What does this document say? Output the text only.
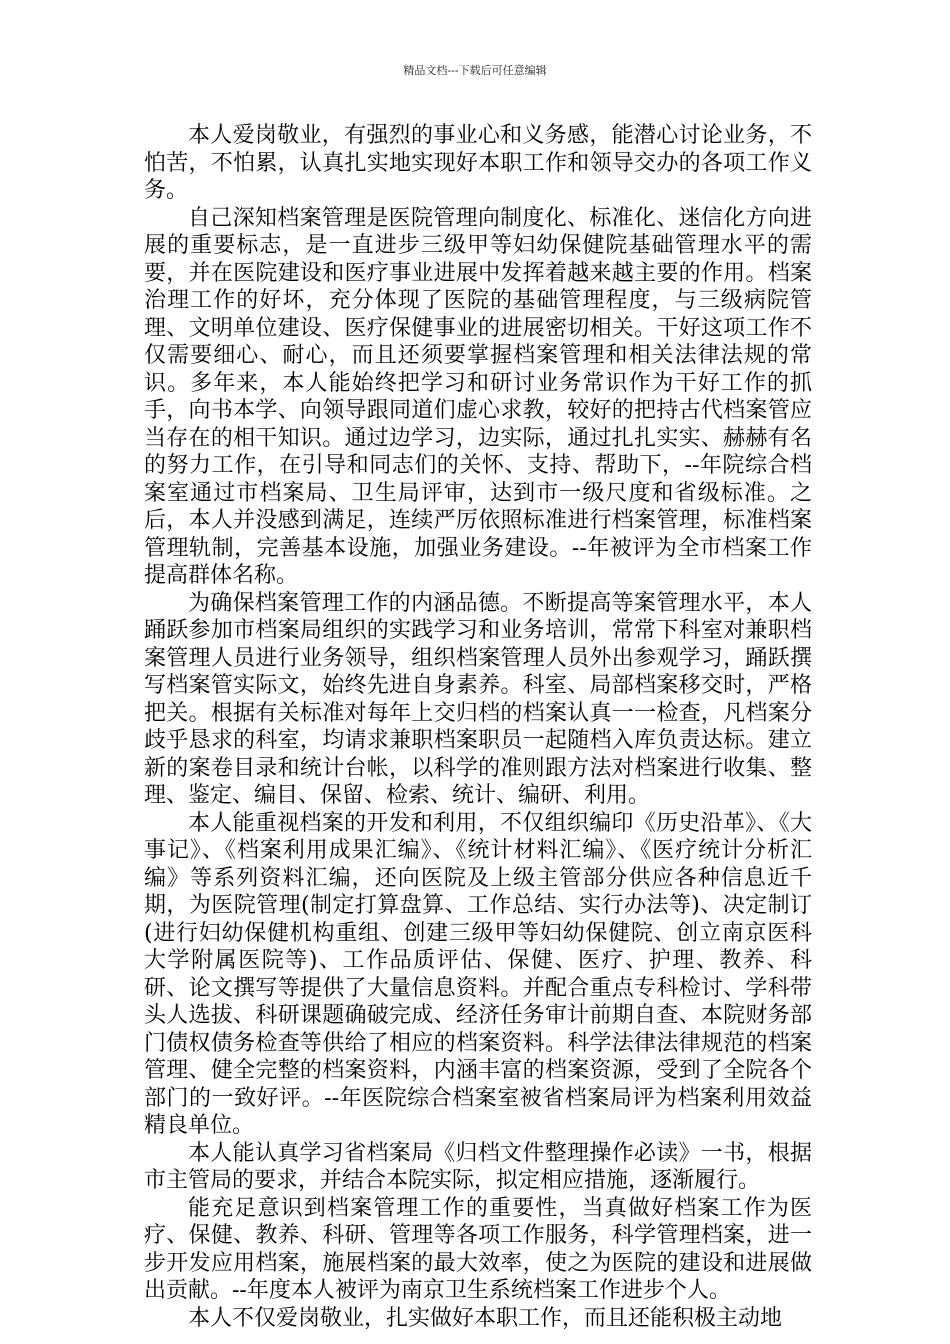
精品文档---下载后可任意编辑

本人爱岗敬业，有强烈的事业心和义务感，能潜心讨论业务，不怕苦，不怕累，认真扎实地实现好本职工作和领导交办的各项工作义务。

自己深知档案管理是医院管理向制度化、标准化、迷信化方向进展的重要标志，是一直进步三级甲等妇幼保健院基础管理水平的需要，并在医院建设和医疗事业进展中发挥着越来越主要的作用。档案治理工作的好坏，充分体现了医院的基础管理程度，与三级病院管理、文明单位建设、医疗保健事业的进展密切相关。干好这项工作不仅需要细心、耐心，而且还须要掌握档案管理和相关法律法规的常识。多年来，本人能始终把学习和研讨业务常识作为干好工作的抓手，向书本学、向领导跟同道们虚心求教，较好的把持古代档案管应当存在的相干知识。通过边学习，边实际，通过扎扎实实、赫赫有名的努力工作，在引导和同志们的关怀、支持、帮助下，--年院综合档案室通过市档案局、卫生局评审，达到市一级尺度和省级标准。之后，本人并没感到满足，连续严厉依照标准进行档案管理，标准档案管理轨制，完善基本设施，加强业务建设。--年被评为全市档案工作提高群体名称。

为确保档案管理工作的内涵品德。不断提高等案管理水平，本人踊跃参加市档案局组织的实践学习和业务培训，常常下科室对兼职档案管理人员进行业务领导，组织档案管理人员外出参观学习，踊跃撰写档案管实际文，始终先进自身素养。科室、局部档案移交时，严格把关。根据有关标准对每年上交归档的档案认真一一检查，凡档案分歧乎恳求的科室，均请求兼职档案职员一起随档入库负责达标。建立新的案卷目录和统计台帐，以科学的准则跟方法对档案进行收集、整理、鉴定、编目、保留、检索、统计、编研、利用。

本人能重视档案的开发和利用，不仅组织编印《历史沿革》、《大事记》、《档案利用成果汇编》、《统计材料汇编》、《医疗统计分析汇编》等系列资料汇编，还向医院及上级主管部分供应各种信息近千期，为医院管理(制定打算盘算、工作总结、实行办法等)、决定制订(进行妇幼保健机构重组、创建三级甲等妇幼保健院、创立南京医科大学附属医院等)、工作品质评估、保健、医疗、护理、教养、科研、论文撰写等提供了大量信息资料。并配合重点专科检讨、学科带头人选拔、科研课题确破完成、经济任务审计前期自查、本院财务部门债权债务检查等供给了相应的档案资料。科学法律法律规范的档案管理、健全完整的档案资料，内涵丰富的档案资源，受到了全院各个部门的一致好评。--年医院综合档案室被省档案局评为档案利用效益精良单位。

本人能认真学习省档案局《归档文件整理操作必读》一书，根据市主管局的要求，并结合本院实际，拟定相应措施，逐渐履行。

能充足意识到档案管理工作的重要性，当真做好档案工作为医疗、保健、教养、科研、管理等各项工作服务，科学管理档案，进一步开发应用档案，施展档案的最大效率，使之为医院的建设和进展做出贡献。--年度本人被评为南京卫生系统档案工作进步个人。

本人不仅爱岗敬业，扎实做好本职工作，而且还能积极主动地
